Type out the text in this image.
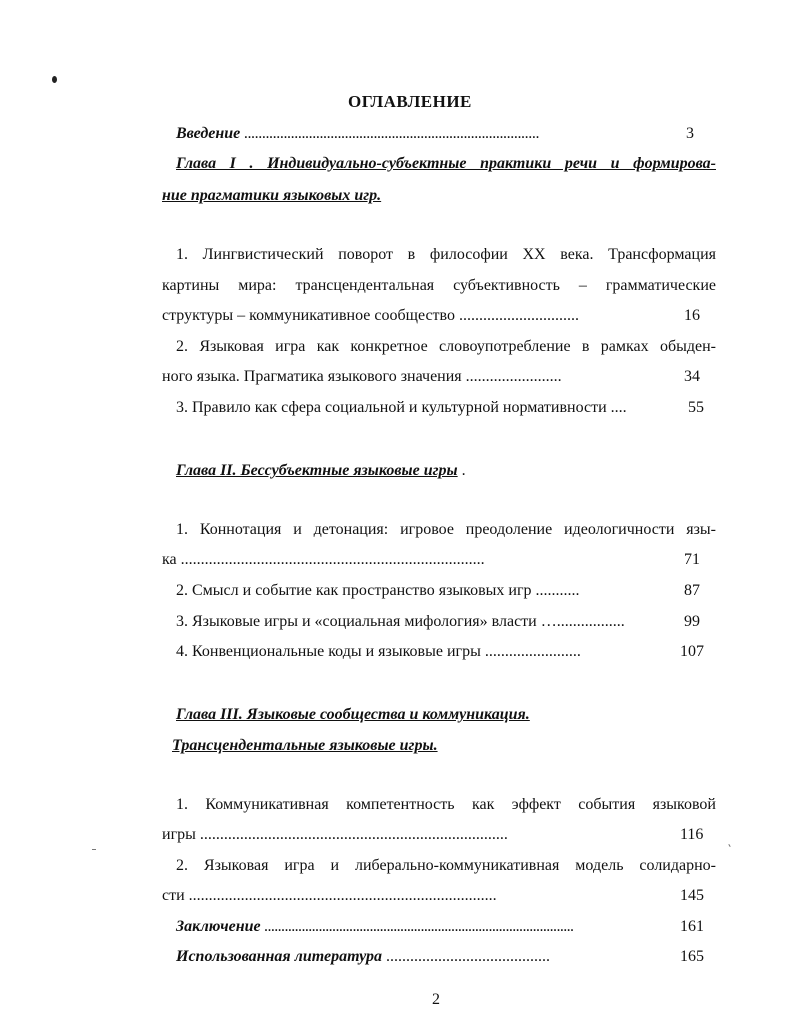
ОГЛАВЛЕНИЕ
Введение ..................................................................................	3
Глава I . Индивидуально-субъектные практики речи и формирова-
ние прагматики языковых игр.
1. Лингвистический поворот в философии XX века. Трансформация
картины мира: трансцендентальная субъективность – грамматические
структуры – коммуникативное сообщество ..............................	16
2. Языковая игра как конкретное словоупотребление в рамках обыден-
ного языка. Прагматика языкового значения ........................	34
3. Правило как сфера социальной и культурной нормативности ....	55
Глава II. Бессубъектные языковые игры .
1. Коннотация и детонация: игровое преодоление идеологичности язы-
ка ............................................................................	71
2. Смысл и событие как пространство языковых игр ...........	87
3. Языковые игры и «социальная мифология» власти ….................	99
4. Конвенциональные коды и языковые игры ........................	107
Глава III. Языковые сообщества и коммуникация.
Трансцендентальные языковые игры.
1. Коммуникативная компетентность как эффект события языковой
игры .............................................................................	116
2. Языковая игра и либерально-коммуникативная модель солидарно-
сти .............................................................................	145
Заключение ...........................................................................................	161
Использованная литература .........................................	165
2
